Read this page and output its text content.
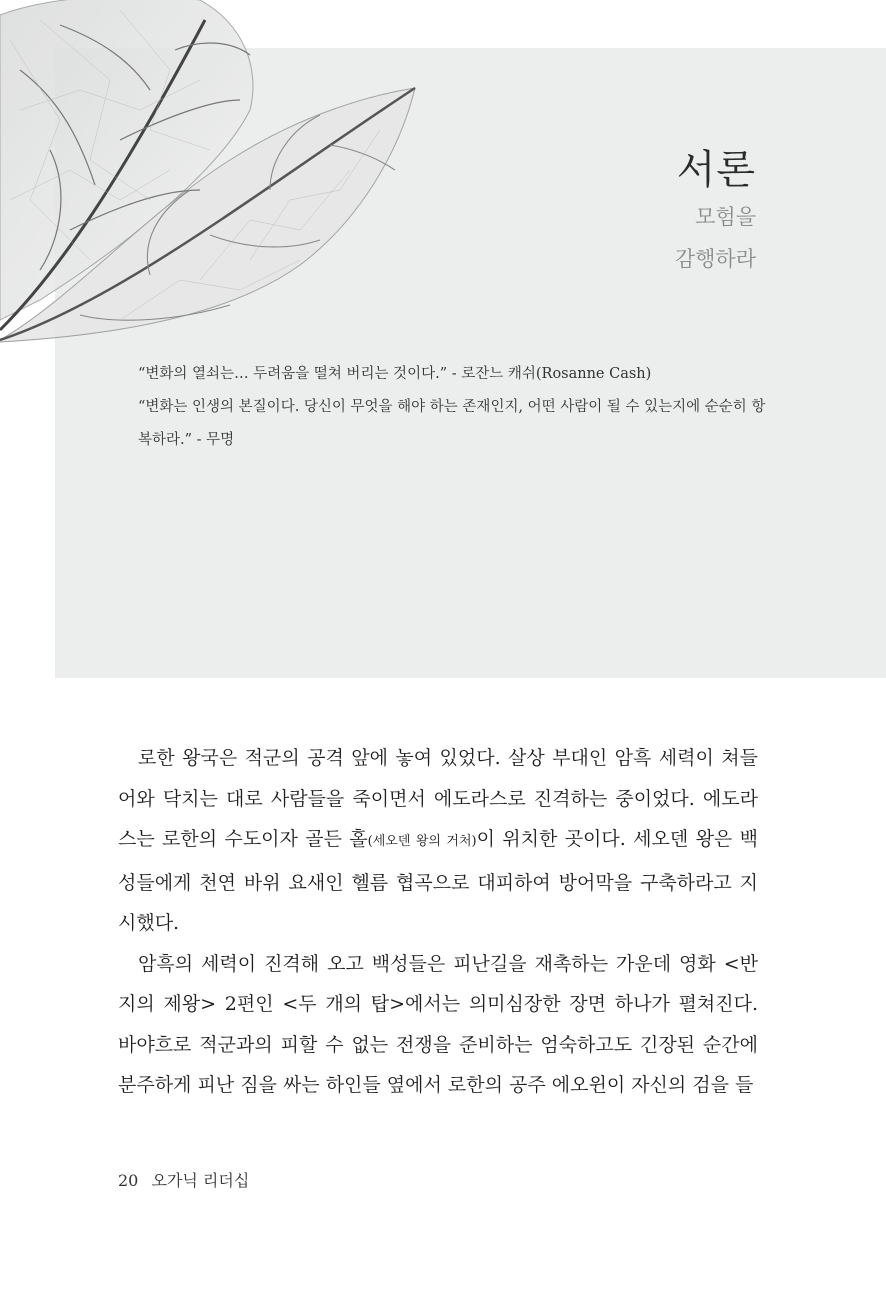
서론
모험을
감행하라

“변화의 열쇠는… 두려움을 떨쳐 버리는 것이다.” - 로잔느 캐쉬(Rosanne Cash)

“변화는 인생의 본질이다. 당신이 무엇을 해야 하는 존재인지, 어떤 사람이 될 수 있는지에 순순히 항복하라.” - 무명

로한 왕국은 적군의 공격 앞에 놓여 있었다. 살상 부대인 암흑 세력이 쳐들어와 닥치는 대로 사람들을 죽이면서 에도라스로 진격하는 중이었다. 에도라스는 로한의 수도이자 골든 홀(세오덴 왕의 거처)이 위치한 곳이다. 세오덴 왕은 백성들에게 천연 바위 요새인 헬름 협곡으로 대피하여 방어막을 구축하라고 지시했다.

암흑의 세력이 진격해 오고 백성들은 피난길을 재촉하는 가운데 영화 <반지의 제왕> 2편인 <두 개의 탑>에서는 의미심장한 장면 하나가 펼쳐진다. 바야흐로 적군과의 피할 수 없는 전쟁을 준비하는 엄숙하고도 긴장된 순간에 분주하게 피난 짐을 싸는 하인들 옆에서 로한의 공주 에오윈이 자신의 검을 들

20 오가닉 리더십
